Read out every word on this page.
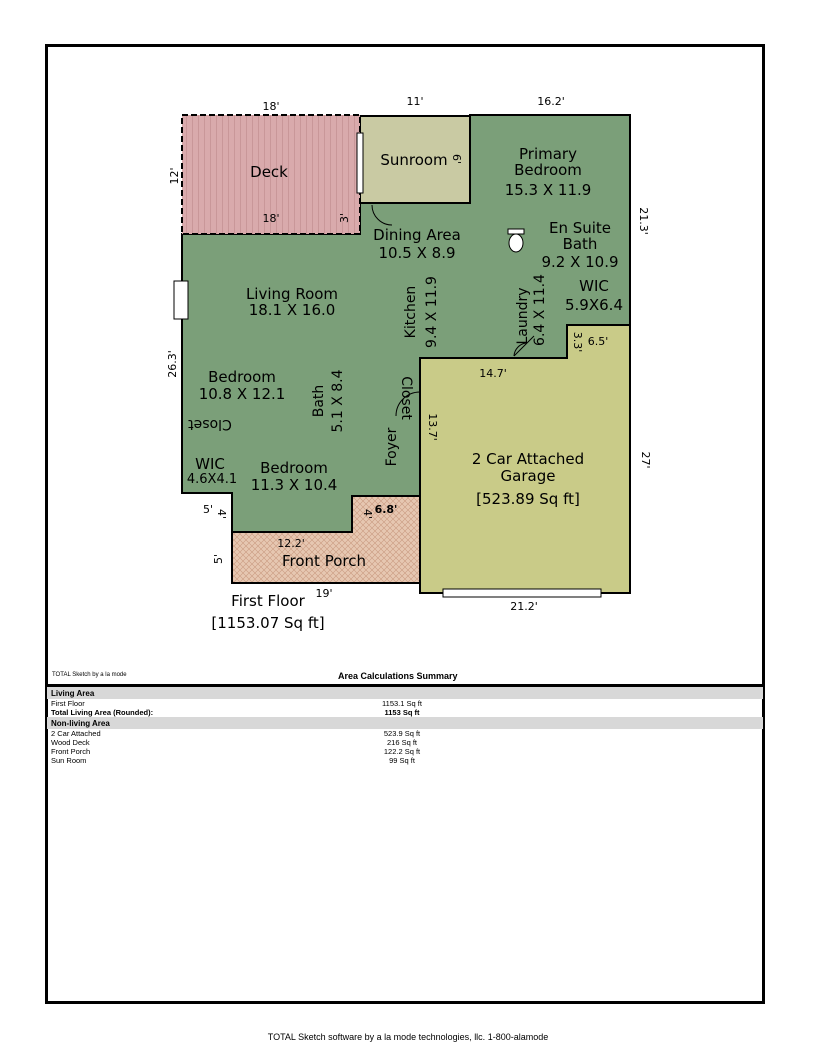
Deck
Sunroom	Primary
Bedroom
15.3 X 11.9
Dining Area
10.5 X 8.9
En Suite
Bath
9.2 X 10.9
WIC
5.9X6.4
Living Room
18.1 X 16.0
Bedroom
10.8 X 12.1
WIC
4.6X4.1
Bedroom
11.3 X 10.4
2 Car Attached
Garage
[523.89 Sq ft]
Front Porch
Kitchen 9.4 X 11.9	Laundry 6.4 X 11.4
Bath 5.1 X 8.4
Foyer
Closet
Closet
18'	11'	16.2'
12'
18'	3'
6'
21.3'
26.3'
3.3' 6.5'
14.7'
13.7'
27'
5' 4'	4' 6.8'
12.2'
5'
19'
21.2'
First Floor
[1153.07 Sq ft]
TOTAL Sketch by a la mode	Area Calculations Summary
Living Area
First Floor	1153.1 Sq ft
Total Living Area (Rounded):	1153 Sq ft
Non-living Area
2 Car Attached	523.9 Sq ft
Wood Deck	216 Sq ft
Front Porch	122.2 Sq ft
Sun Room	99 Sq ft
TOTAL Sketch software by a la mode technologies, llc. 1-800-alamode
